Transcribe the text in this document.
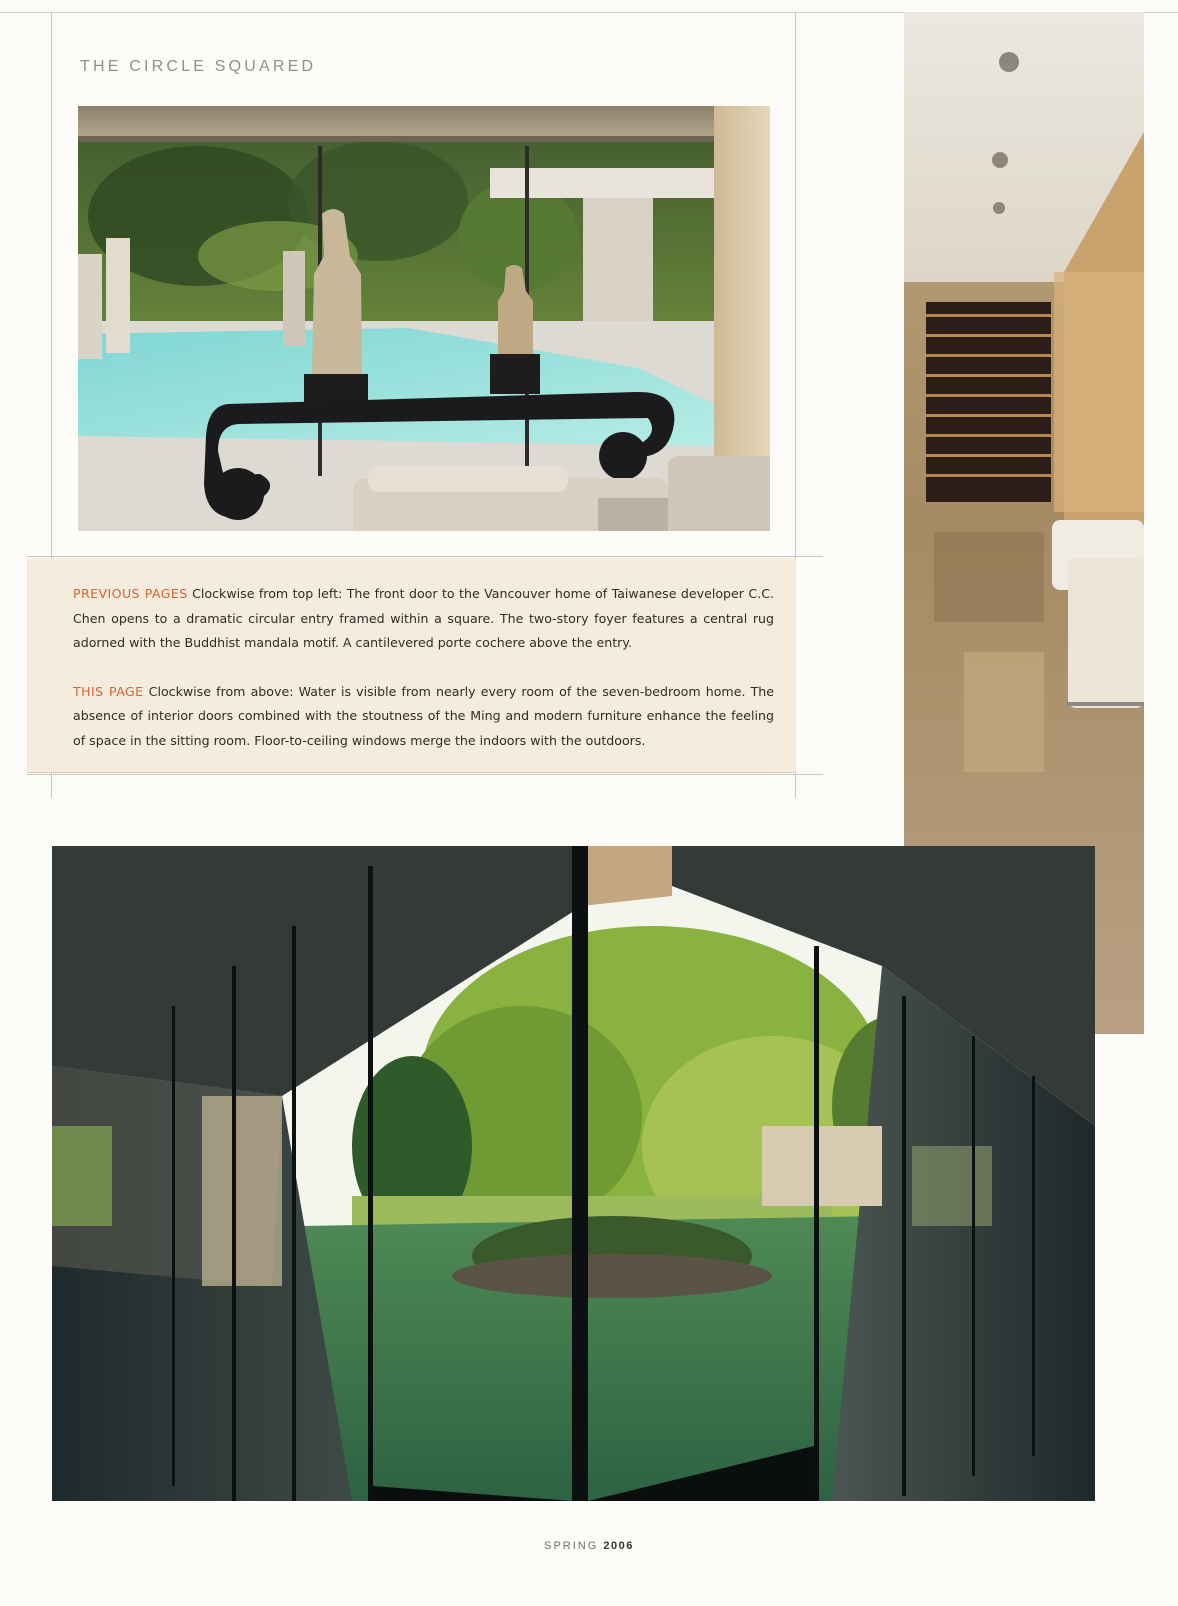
THE CIRCLE SQUARED

PREVIOUS PAGES Clockwise from top left: The front door to the Vancouver home of Taiwanese developer C.C. Chen opens to a dramatic circular entry framed within a square. The two-story foyer features a central rug adorned with the Buddhist mandala motif. A cantilevered porte cochere above the entry.

THIS PAGE Clockwise from above: Water is visible from nearly every room of the seven-bedroom home. The absence of interior doors combined with the stoutness of the Ming and modern furniture enhance the feeling of space in the sitting room. Floor-to-ceiling windows merge the indoors with the outdoors.

SPRING 2006
